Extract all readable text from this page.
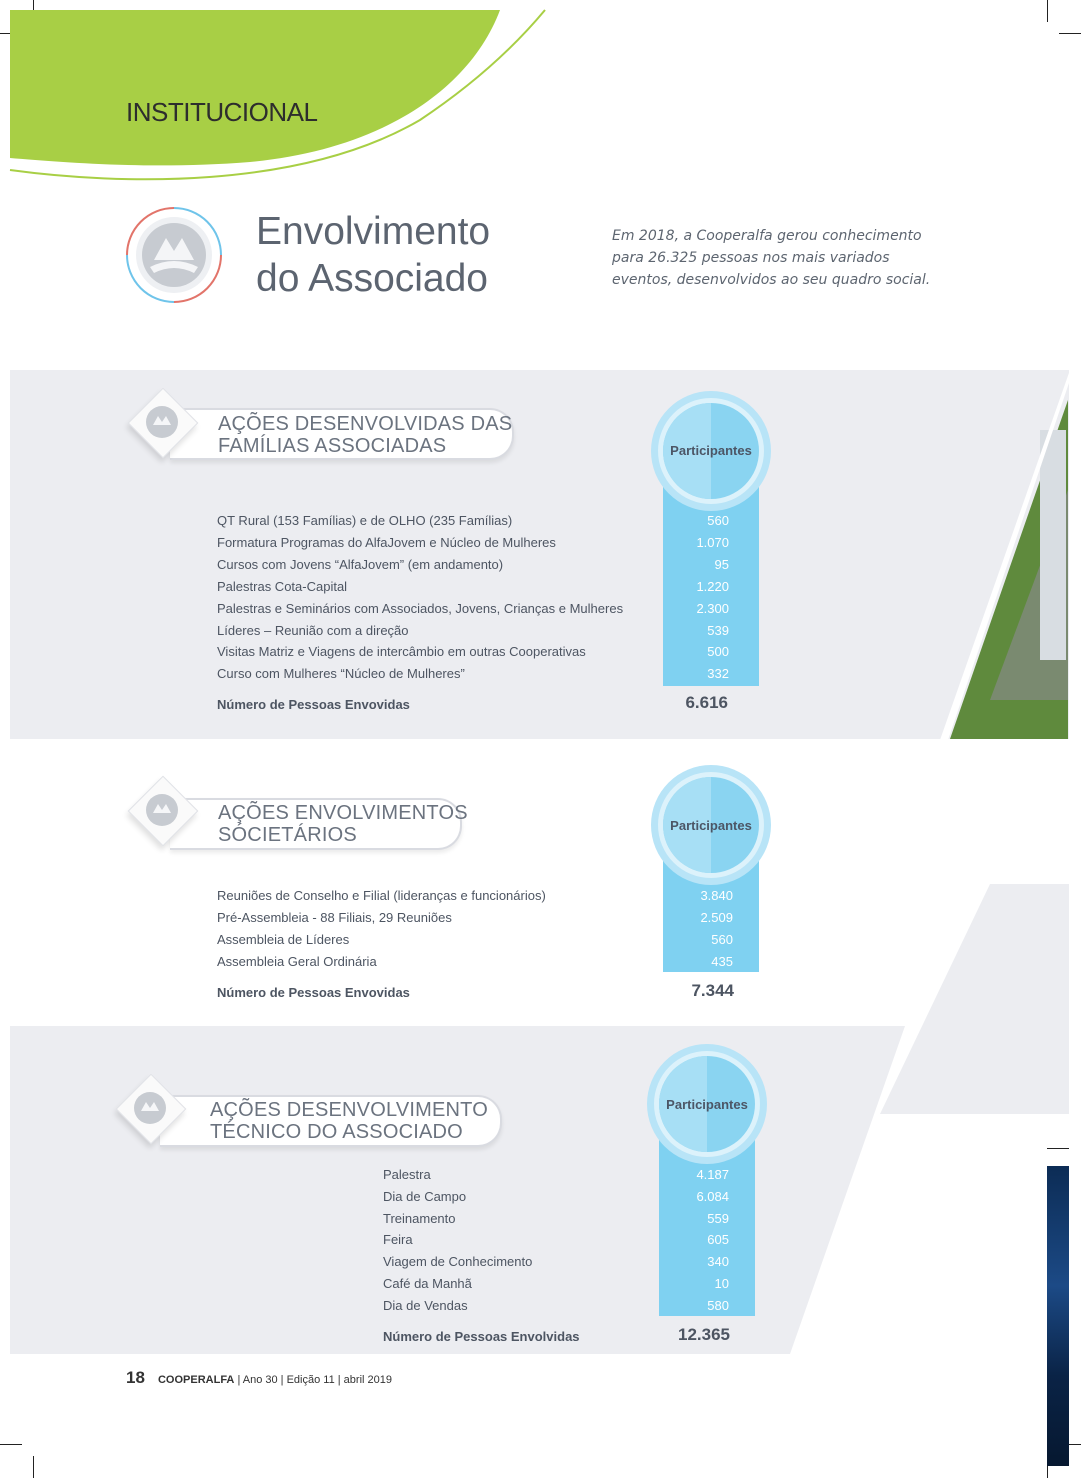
INSTITUCIONAL
Envolvimento
do Associado

Em 2018, a Cooperalfa gerou conhecimento para 26.325 pessoas nos mais variados eventos, desenvolvidos ao seu quadro social.

AÇÕES DESENVOLVIDAS DAS
FAMÍLIAS ASSOCIADAS	Participantes
QT Rural (153 Famílias) e de OLHO (235 Famílias)	560
Formatura Programas do AlfaJovem e Núcleo de Mulheres	1.070
Cursos com Jovens “AlfaJovem” (em andamento)	95
Palestras Cota-Capital	1.220
Palestras e Seminários com Associados, Jovens, Crianças e Mulheres	2.300
Líderes – Reunião com a direção	539
Visitas Matriz e Viagens de intercâmbio em outras Cooperativas	500
Curso com Mulheres “Núcleo de Mulheres”	332
Número de Pessoas Envovidas	6.616
AÇÕES ENVOLVIMENTOS
SÓCIETÁRIOS	Participantes
Reuniões de Conselho e Filial (lideranças e funcionários)	3.840
Pré-Assembleia - 88 Filiais, 29 Reuniões	2.509
Assembleia de Líderes	560
Assembleia Geral Ordinária	435
Número de Pessoas Envovidas	7.344
AÇÕES DESENVOLVIMENTO
TÉCNICO DO ASSOCIADO
Participantes
Palestra	4.187
Dia de Campo	6.084
Treinamento	559
Feira	605
Viagem de Conhecimento	340
Café da Manhã	10
Dia de Vendas	580
Número de Pessoas Envolvidas	12.365
18 COOPERALFA | Ano 30 | Edição 11 | abril 2019
